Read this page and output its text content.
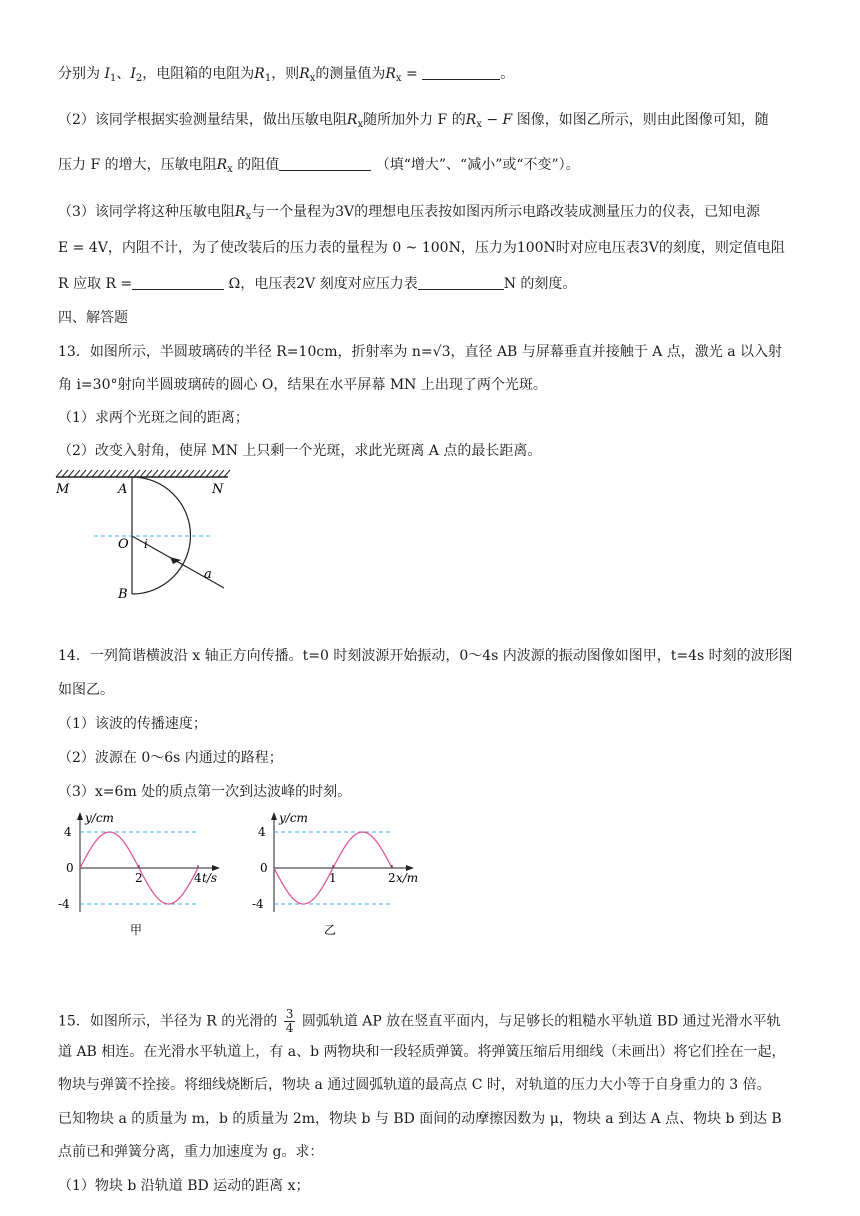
分别为 $I_1$、$I_2$，电阻箱的电阻为$R_1$，则$R_x$的测量值为$R_x$ =	。
（2）该同学根据实验测量结果，做出压敏电阻$R_x$随所加外力 F 的$R_x - F$ 图像，如图乙所示，则由此图像可知，随
压力 F 的增大，压敏电阻$R_x$ 的阻值	（填“增大”、“减小”或“不变”）。
（3）该同学将这种压敏电阻$R_x$与一个量程为3V的理想电压表按如图丙所示电路改装成测量压力的仪表，已知电源
E = 4V，内阻不计，为了使改装后的压力表的量程为 0 ~ 100N，压力为100N时对应电压表3V的刻度，则定值电阻
R 应取 R =	Ω，电压表2V 刻度对应压力表	N 的刻度。
四、解答题
13．如图所示，半圆玻璃砖的半径 R=10cm，折射率为 n=√3，直径 AB 与屏幕垂直并接触于 A 点，激光 a 以入射
角 i=30°射向半圆玻璃砖的圆心 O，结果在水平屏幕 MN 上出现了两个光斑。
（1）求两个光斑之间的距离；
（2）改变入射角，使屏 MN 上只剩一个光斑，求此光斑离 A 点的最长距离。
M	A	N
O i
a
B
14．一列简谐横波沿 x 轴正方向传播。t=0 时刻波源开始振动，0～4s 内波源的振动图像如图甲，t=4s 时刻的波形图
如图乙。
（1）该波的传播速度；
（2）波源在 0～6s 内通过的路程；
（3）x=6m 处的质点第一次到达波峰的时刻。
4
0
-4
2	4
y/cm
t/s
甲
4
0
-4
1	2
y/cm
x/m
乙
15．如图所示，半径为 R 的光滑的 $\frac{3}{4}$ 圆弧轨道 AP 放在竖直平面内，与足够长的粗糙水平轨道 BD 通过光滑水平轨
道 AB 相连。在光滑水平轨道上，有 a、b 两物块和一段轻质弹簧。将弹簧压缩后用细线（未画出）将它们拴在一起，
物块与弹簧不拴接。将细线烧断后，物块 a 通过圆弧轨道的最高点 C 时，对轨道的压力大小等于自身重力的 3 倍。
已知物块 a 的质量为 m，b 的质量为 2m，物块 b 与 BD 面间的动摩擦因数为 μ，物块 a 到达 A 点、物块 b 到达 B
点前已和弹簧分离，重力加速度为 g。求：
（1）物块 b 沿轨道 BD 运动的距离 x；
